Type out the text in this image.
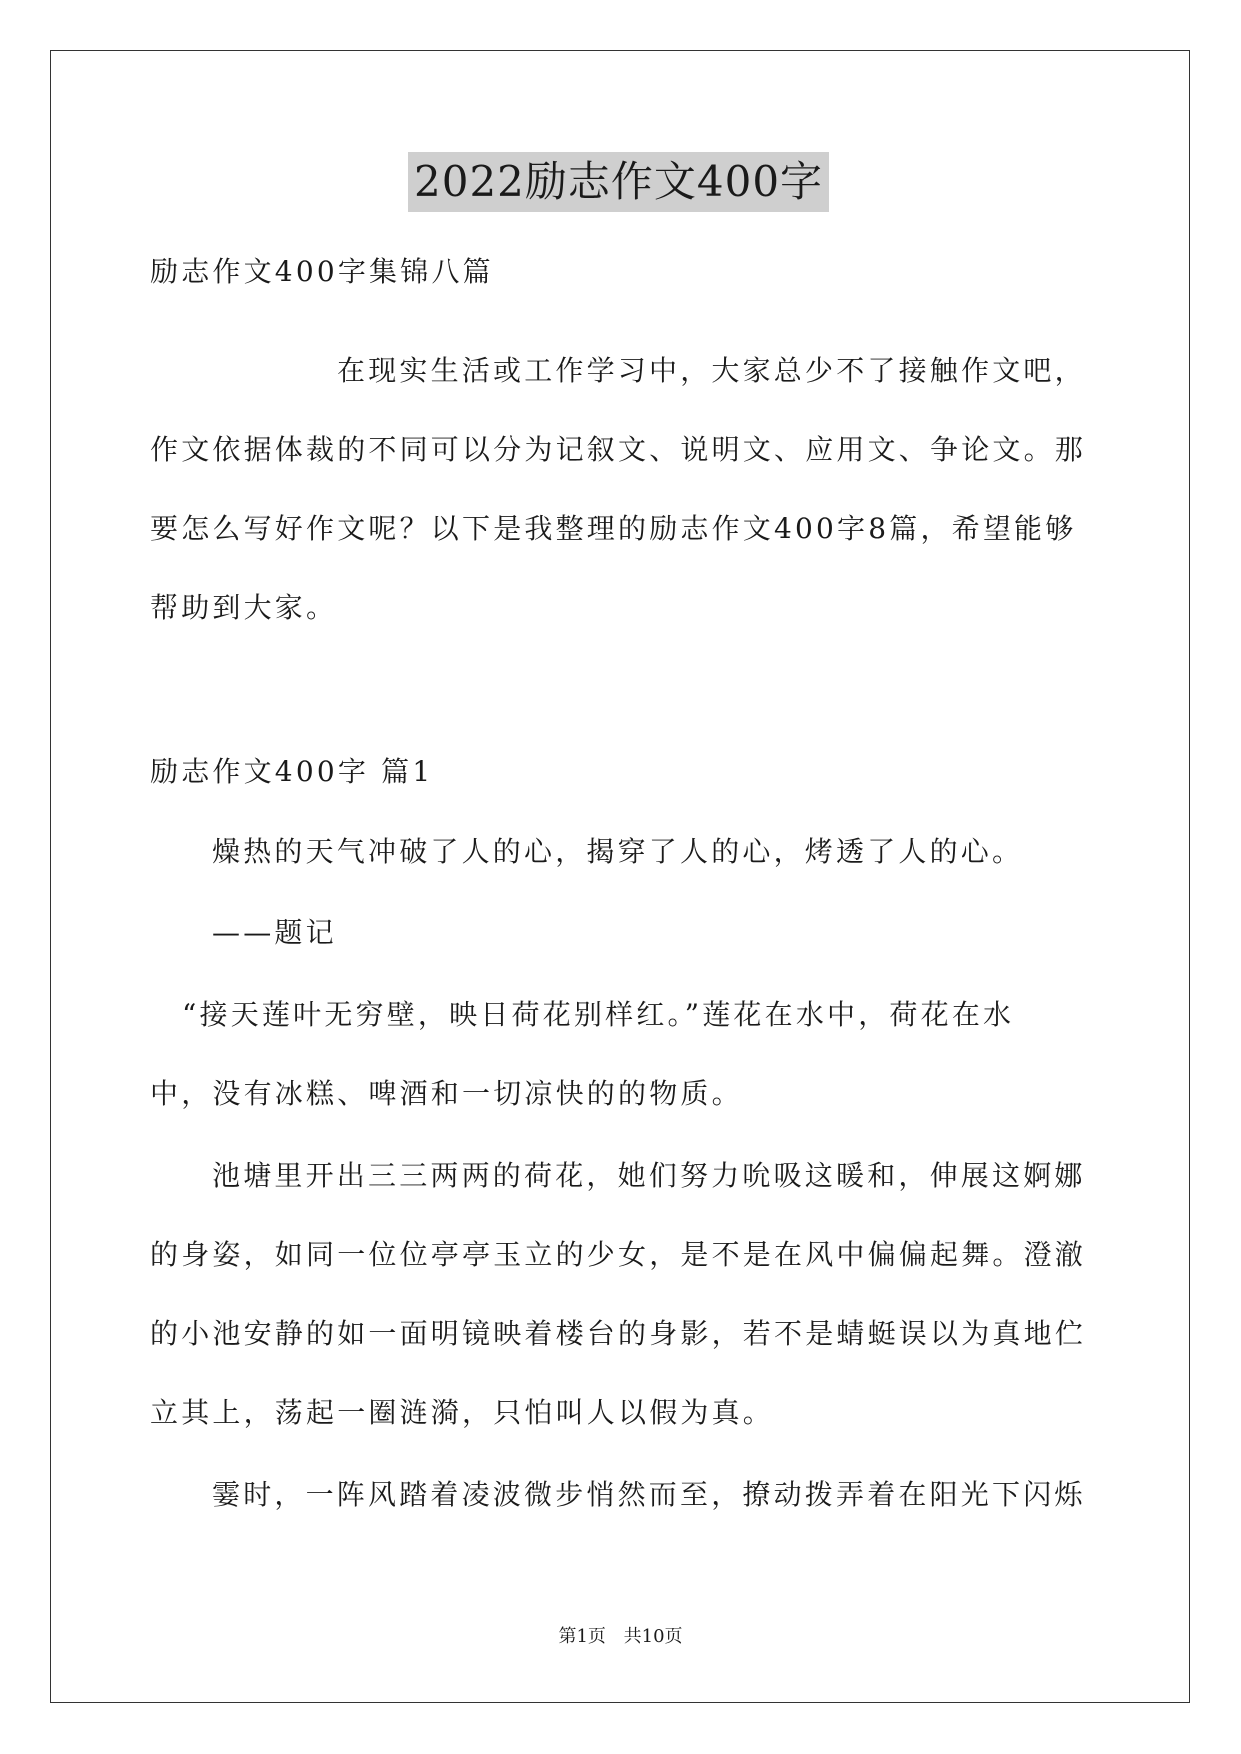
2022励志作文400字
励志作文400字集锦八篇
在现实生活或工作学习中，大家总少不了接触作文吧，
作文依据体裁的不同可以分为记叙文、说明文、应用文、争论文。那
要怎么写好作文呢？以下是我整理的励志作文400字8篇，希望能够
帮助到大家。
励志作文400字 篇1
燥热的天气冲破了人的心，揭穿了人的心，烤透了人的心。
——题记
“接天莲叶无穷壁，映日荷花别样红。”莲花在水中，荷花在水
中，没有冰糕、啤酒和一切凉快的的物质。
池塘里开出三三两两的荷花，她们努力吮吸这暖和，伸展这婀娜
的身姿，如同一位位亭亭玉立的少女，是不是在风中偏偏起舞。澄澈
的小池安静的如一面明镜映着楼台的身影，若不是蜻蜓误以为真地伫
立其上，荡起一圈涟漪，只怕叫人以假为真。
霎时，一阵风踏着凌波微步悄然而至，撩动拨弄着在阳光下闪烁
第1页 共10页
